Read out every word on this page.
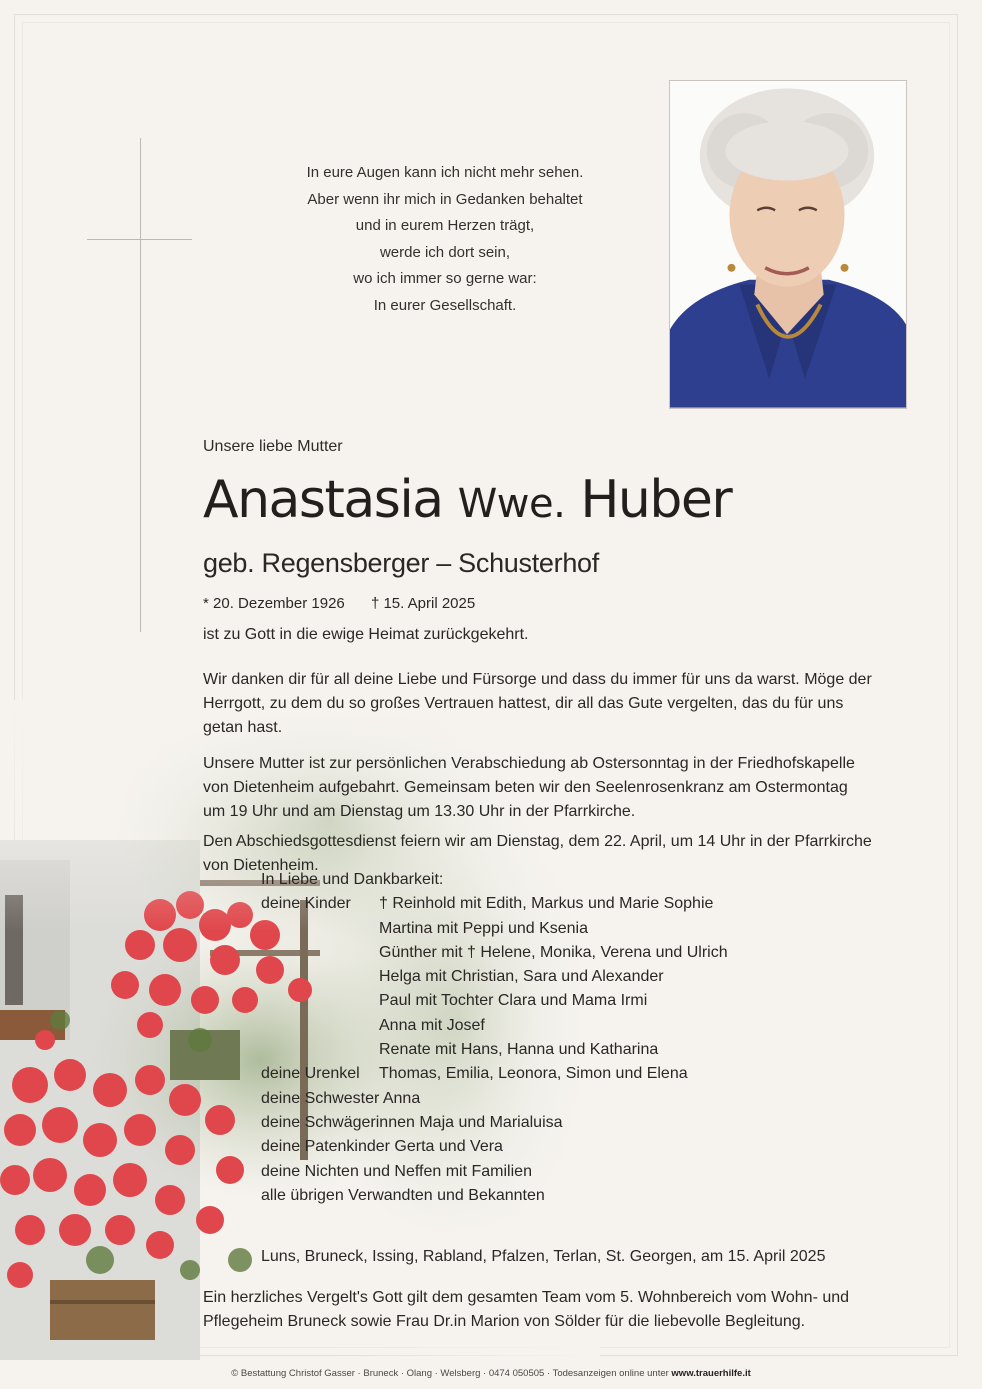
In eure Augen kann ich nicht mehr sehen.
Aber wenn ihr mich in Gedanken behaltet
und in eurem Herzen trägt,
werde ich dort sein,
wo ich immer so gerne war:
In eurer Gesellschaft.
Unsere liebe Mutter
Anastasia Wwe. Huber
geb. Regensberger – Schusterhof
* 20. Dezember 1926 † 15. April 2025
ist zu Gott in die ewige Heimat zurückgekehrt.
Wir danken dir für all deine Liebe und Fürsorge und dass du immer für uns da warst. Möge der
Herrgott, zu dem du so großes Vertrauen hattest, dir all das Gute vergelten, das du für uns
getan hast.
Unsere Mutter ist zur persönlichen Verabschiedung ab Ostersonntag in der Friedhofskapelle
von Dietenheim aufgebahrt. Gemeinsam beten wir den Seelenrosenkranz am Ostermontag
um 19 Uhr und am Dienstag um 13.30 Uhr in der Pfarrkirche.
Den Abschiedsgottesdienst feiern wir am Dienstag, dem 22. April, um 14 Uhr in der Pfarrkirche
von Dietenheim.
In Liebe und Dankbarkeit:
deine Kinder	† Reinhold mit Edith, Markus und Marie Sophie
Martina mit Peppi und Ksenia
Günther mit † Helene, Monika, Verena und Ulrich
Helga mit Christian, Sara und Alexander
Paul mit Tochter Clara und Mama Irmi
Anna mit Josef
Renate mit Hans, Hanna und Katharina
deine Urenkel	Thomas, Emilia, Leonora, Simon und Elena
deine Schwester Anna
deine Schwägerinnen Maja und Marialuisa
deine Patenkinder Gerta und Vera
deine Nichten und Neffen mit Familien
alle übrigen Verwandten und Bekannten
Luns, Bruneck, Issing, Rabland, Pfalzen, Terlan, St. Georgen, am 15. April 2025
Ein herzliches Vergelt's Gott gilt dem gesamten Team vom 5. Wohnbereich vom Wohn- und
Pflegeheim Bruneck sowie Frau Dr.in Marion von Sölder für die liebevolle Begleitung.
© Bestattung Christof Gasser · Bruneck · Olang · Welsberg · 0474 050505 · Todesanzeigen online unter www.trauerhilfe.it
